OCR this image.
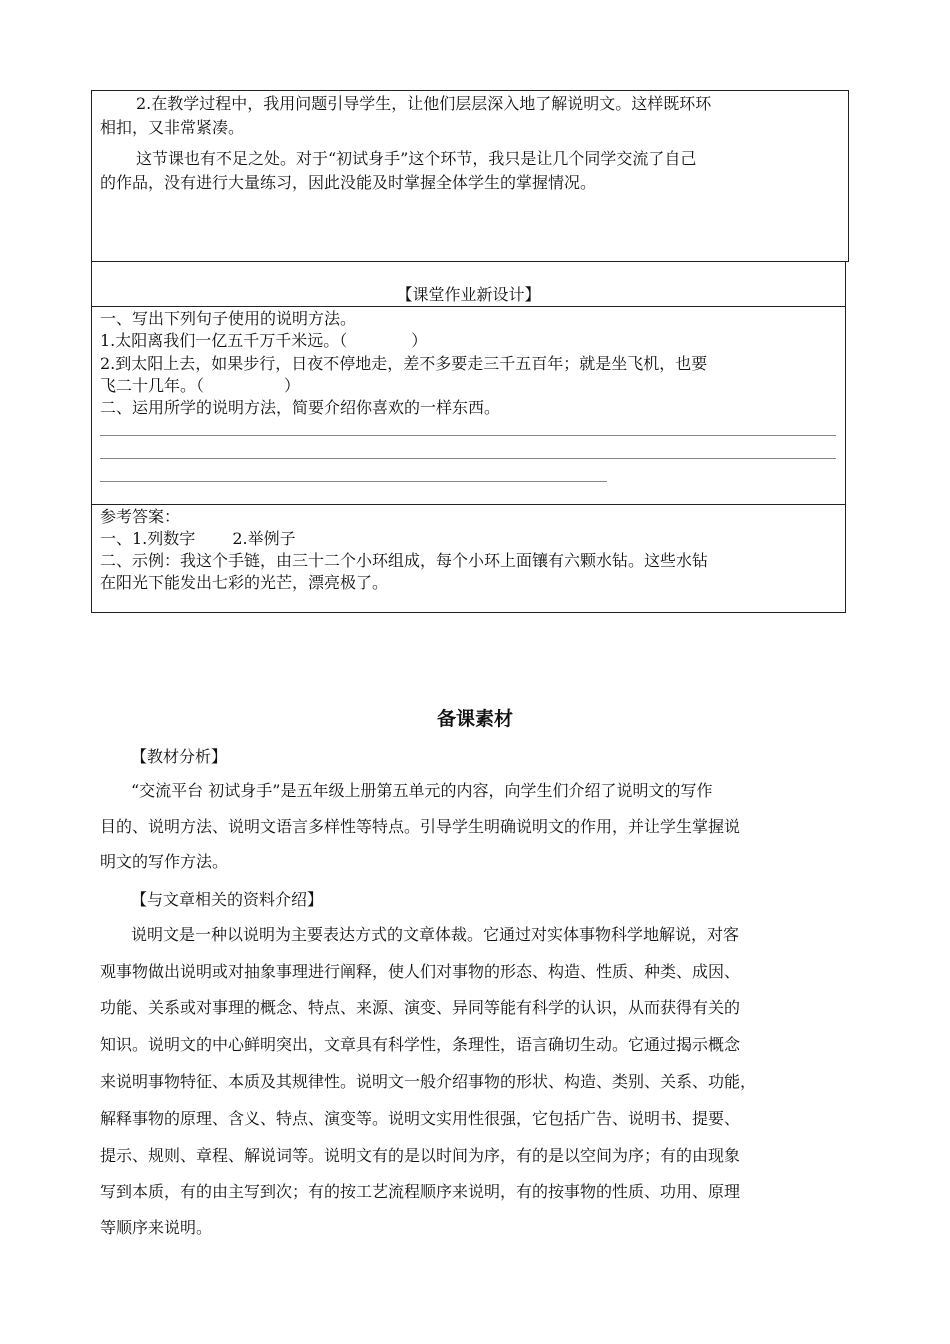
2.在教学过程中，我用问题引导学生，让他们层层深入地了解说明文。这样既环环
相扣，又非常紧凑。
这节课也有不足之处。对于“初试身手”这个环节，我只是让几个同学交流了自己
的作品，没有进行大量练习，因此没能及时掌握全体学生的掌握情况。
【课堂作业新设计】
一、写出下列句子使用的说明方法。
1.太阳离我们一亿五千万千米远。（　　　　）
2.到太阳上去，如果步行，日夜不停地走，差不多要走三千五百年；就是坐飞机，也要
飞二十几年。（　　　　　）
二、运用所学的说明方法，简要介绍你喜欢的一样东西。
参考答案：
一、1.列数字　　 2.举例子
二、示例：我这个手链，由三十二个小环组成，每个小环上面镶有六颗水钻。这些水钻
在阳光下能发出七彩的光芒，漂亮极了。
备课素材
【教材分析】
“交流平台 初试身手”是五年级上册第五单元的内容，向学生们介绍了说明文的写作
目的、说明方法、说明文语言多样性等特点。引导学生明确说明文的作用，并让学生掌握说
明文的写作方法。
【与文章相关的资料介绍】
说明文是一种以说明为主要表达方式的文章体裁。它通过对实体事物科学地解说，对客
观事物做出说明或对抽象事理进行阐释，使人们对事物的形态、构造、性质、种类、成因、
功能、关系或对事理的概念、特点、来源、演变、异同等能有科学的认识，从而获得有关的
知识。说明文的中心鲜明突出，文章具有科学性，条理性，语言确切生动。它通过揭示概念
来说明事物特征、本质及其规律性。说明文一般介绍事物的形状、构造、类别、关系、功能，
解释事物的原理、含义、特点、演变等。说明文实用性很强，它包括广告、说明书、提要、
提示、规则、章程、解说词等。说明文有的是以时间为序，有的是以空间为序；有的由现象
写到本质，有的由主写到次；有的按工艺流程顺序来说明，有的按事物的性质、功用、原理
等顺序来说明。
